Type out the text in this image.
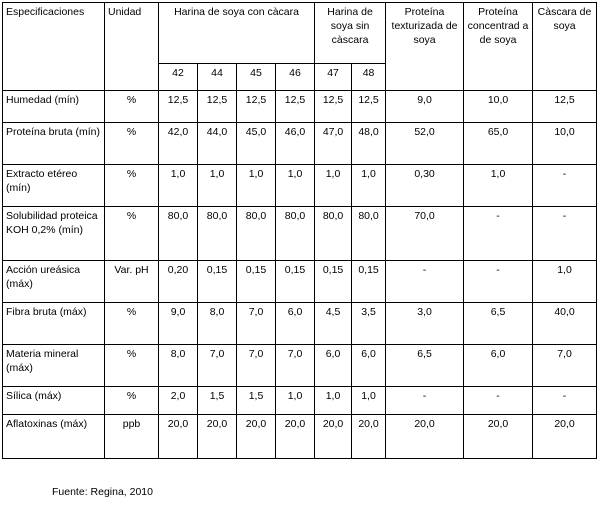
Especificaciones	Unidad	Harina de soya con càcara				Harina de soya sin càscara		Proteína texturizada de soya	Proteína concentrad a de soya	Càscara de soya
		42	44	45	46	47	48			
Humedad (mín)	%	12,5	12,5	12,5	12,5	12,5	12,5	9,0	10,0	12,5
Proteína bruta (mín)	%	42,0	44,0	45,0	46,0	47,0	48,0	52,0	65,0	10,0
Extracto etéreo (mín)	%	1,0	1,0	1,0	1,0	1,0	1,0	0,30	1,0	-
Solubilidad proteica KOH 0,2% (mín)	%	80,0	80,0	80,0	80,0	80,0	80,0	70,0	-	-
Acción ureásica (máx)	Var. pH	0,20	0,15	0,15	0,15	0,15	0,15	-	-	1,0
Fibra bruta (máx)	%	9,0	8,0	7,0	6,0	4,5	3,5	3,0	6,5	40,0
Materia mineral (máx)	%	8,0	7,0	7,0	7,0	6,0	6,0	6,5	6,0	7,0
Sílica (máx)	%	2,0	1,5	1,5	1,0	1,0	1,0	-	-	-
Aflatoxinas (máx)	ppb	20,0	20,0	20,0	20,0	20,0	20,0	20,0	20,0	20,0
Fuente: Regina, 2010
